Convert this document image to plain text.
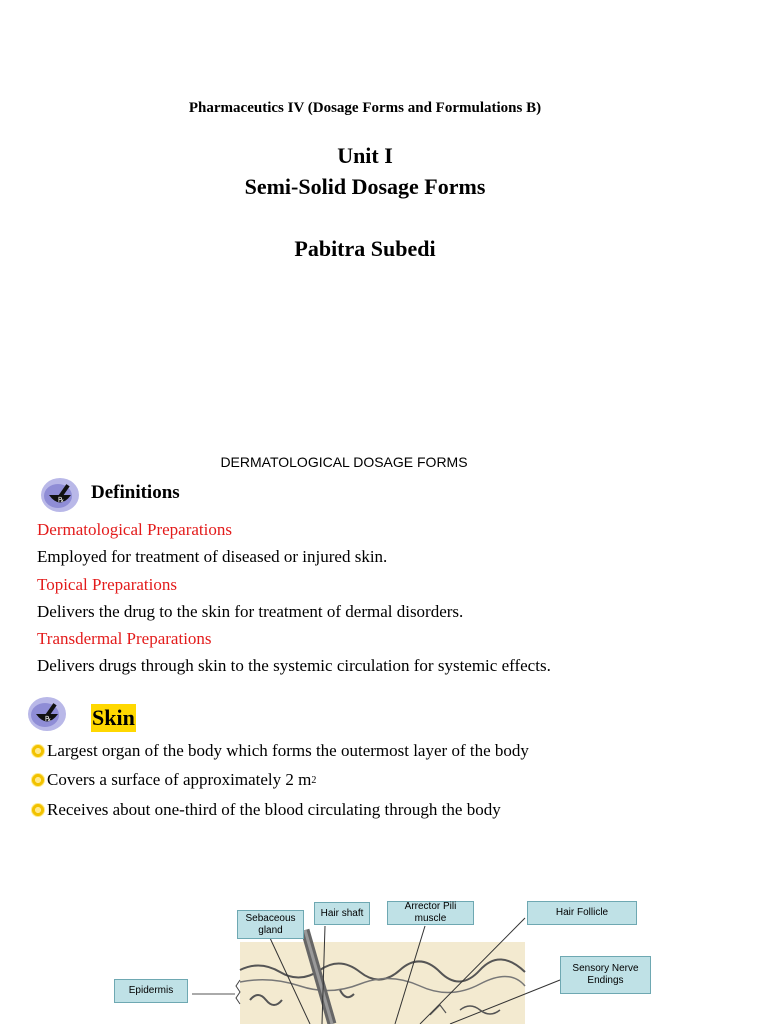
Pharmaceutics IV (Dosage Forms and Formulations B)
Unit I
Semi-Solid Dosage Forms
Pabitra Subedi
DERMATOLOGICAL DOSAGE FORMS
℞ Definitions
Dermatological Preparations
Employed for treatment of diseased or injured skin.
Topical Preparations
Delivers the drug to the skin for treatment of dermal disorders.
Transdermal Preparations
Delivers drugs through skin to the systemic circulation for systemic effects.
℞ Skin
Largest organ of the body which forms the outermost layer of the body
Covers a surface of approximately 2 m 2
Receives about one-third of the blood circulating through the body
Sebaceous gland
Hair shaft
Arrector Pili muscle
Hair Follicle
Sensory Nerve Endings
Epidermis
